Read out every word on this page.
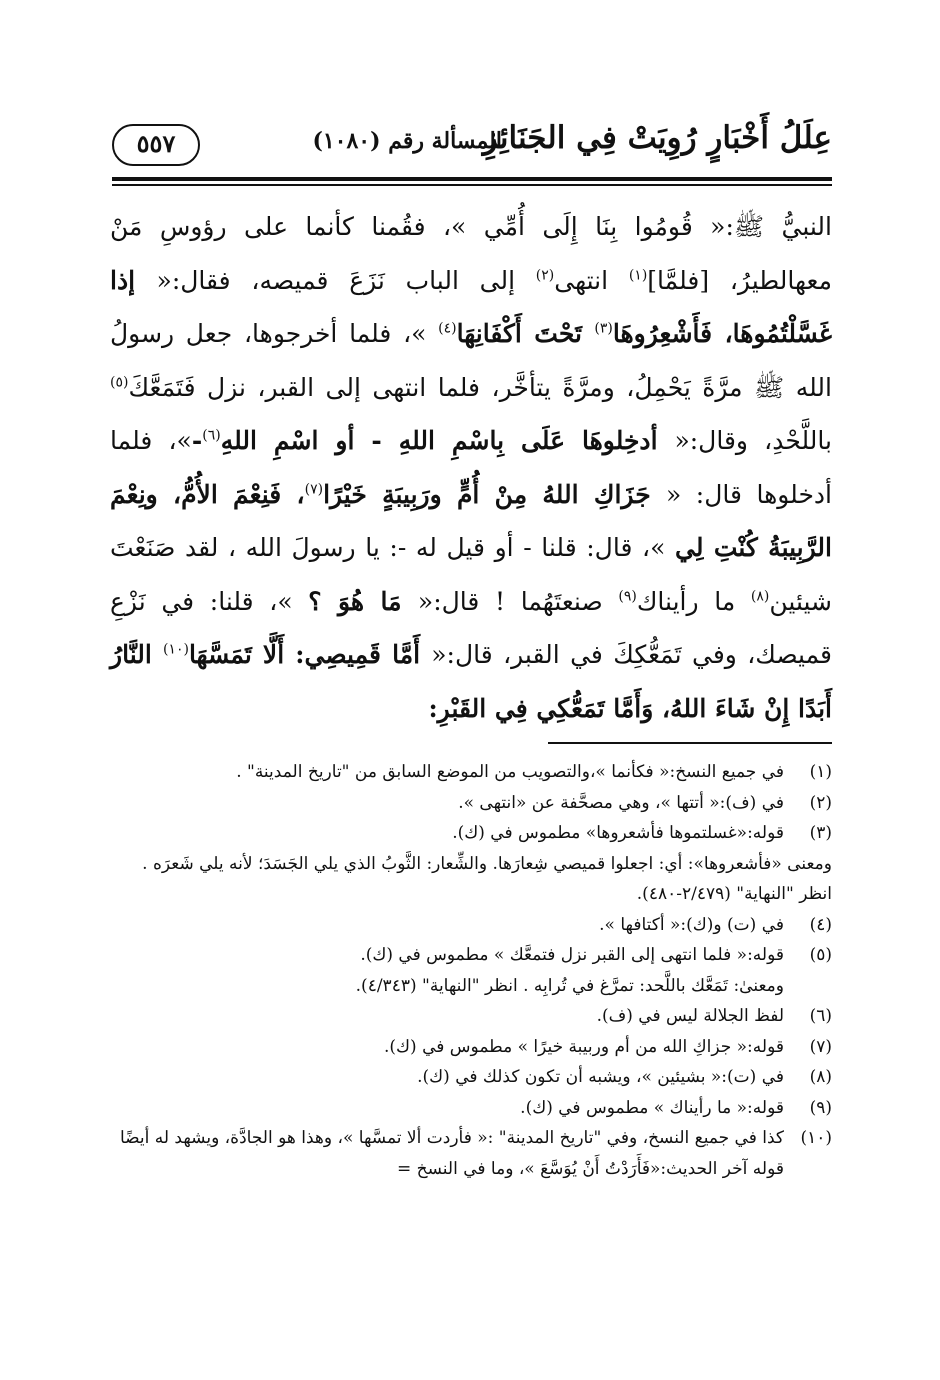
عِلَلُ أَخْبَارٍ رُوِيَتْ فِي الجَنَائِزِ
المسألة رقم (١٠٨٠)
٥٥٧

النبيُّ ﷺ:« قُومُوا بِنَا إِلَى أُمِّي »، فقُمنا كأنما على رؤوسِ مَنْ معهالطيرُ، [فلمَّا]$^{(١)}$ انتهى$^{(٢)}$ إلى الباب نَزَعَ قميصه، فقال:« إذا غَسَّلْتُمُوهَا، فَأَشْعِرُوهَا$^{(٣)}$ تَحْتَ أَكْفَانِهَا$^{(٤)}$ »، فلما أخرجوها، جعل رسولُ الله ﷺ مرَّةً يَحْمِلُ، ومرَّةً يتأخَّر، فلما انتهى إلى القبر، نزل فَتَمَعَّكَ$^{(٥)}$ باللَّحْدِ، وقال:« أدخِلوهَا عَلَى بِاسْمِ اللهِ - أو اسْمِ اللهِ$^{(٦)}$-»، فلما أدخلوها قال: « جَزَاكِ اللهُ مِنْ أُمٍّ ورَبِيبَةٍ خَيْرًا$^{(٧)}$، فَنِعْمَ الأُمُّ، ونِعْمَ الرَّبِيبَةُ كُنْتِ لِي »، قال: قلنا - أو قيل له -: يا رسولَ الله ، لقد صَنَعْتَ شيئين$^{(٨)}$ ما رأيناك$^{(٩)}$ صنعتَهُما ! قال:« مَا هُوَ ؟ »، قلنا: في نَزْعِ قميصك، وفي تَمَعُّكِكَ في القبر، قال:« أَمَّا قَمِيصِي: أَلَّا تَمَسَّهَا$^{(١٠)}$ النَّارُ أَبَدًا إِنْ شَاءَ اللهُ، وَأَمَّا تَمَعُّكِي فِي القَبْرِ:

(١)
في جميع النسخ:« فكأنما »،والتصويب من الموضع السابق من "تاريخ المدينة" .
(٢)
في (ف):« أتتها »، وهي مصحَّفة عن «انتهى ».
(٣)
قوله:«غسلتموها فأشعروها» مطموس في (ك).
ومعنى «فأشعروها»: أي: اجعلوا قميصي شِعارَها. والشِّعار: الثَّوبُ الذي يلي الجَسَدَ؛ لأنه يلي شَعرَه . انظر "النهاية" (٢/٤٧٩-٤٨٠).
(٤)
في (ت) و(ك):« أكتافها ».
(٥)
قوله:« فلما انتهى إلى القبر نزل فتمعَّك » مطموس في (ك).
ومعنىٰ: تَمَعَّك باللَّحد: تمرَّغ في تُرابِه . انظر "النهاية" (٤/٣٤٣).
(٦)
لفظ الجلالة ليس في (ف).
(٧)
قوله:« جزاكِ الله من أم وربيبة خيرًا » مطموس في (ك).
(٨)
في (ت):« بشيئين »، ويشبه أن تكون كذلك في (ك).
(٩)
قوله:« ما رأيناك » مطموس في (ك).
(١٠)
كذا في جميع النسخ، وفي "تاريخ المدينة" :« فأردت ألا تمسَّها »، وهذا هو الجادَّة، ويشهد له أيضًا قوله آخر الحديث:«فَأَرَدْتُ أَنْ يُوَسَّعَ »، وما في النسخ =
